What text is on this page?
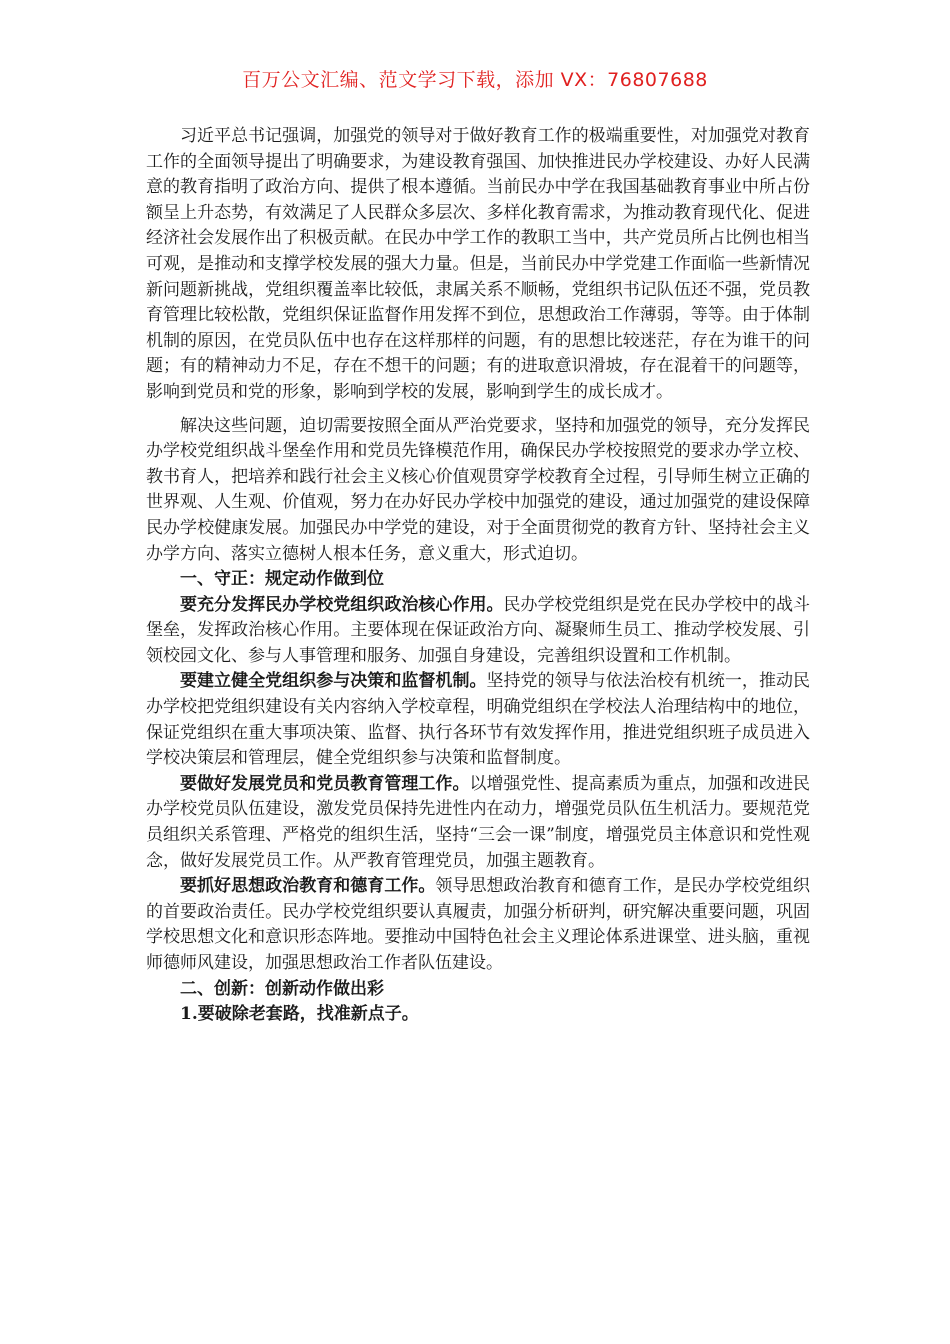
百万公文汇编、范文学习下载，添加 VX：76807688

习近平总书记强调，加强党的领导对于做好教育工作的极端重要性，对加强党对教育工作的全面领导提出了明确要求，为建设教育强国、加快推进民办学校建设、办好人民满意的教育指明了政治方向、提供了根本遵循。当前民办中学在我国基础教育事业中所占份额呈上升态势，有效满足了人民群众多层次、多样化教育需求，为推动教育现代化、促进经济社会发展作出了积极贡献。在民办中学工作的教职工当中，共产党员所占比例也相当可观，是推动和支撑学校发展的强大力量。但是，当前民办中学党建工作面临一些新情况新问题新挑战，党组织覆盖率比较低，隶属关系不顺畅，党组织书记队伍还不强，党员教育管理比较松散，党组织保证监督作用发挥不到位，思想政治工作薄弱，等等。由于体制机制的原因，在党员队伍中也存在这样那样的问题，有的思想比较迷茫，存在为谁干的问题；有的精神动力不足，存在不想干的问题；有的进取意识滑坡，存在混着干的问题等，影响到党员和党的形象，影响到学校的发展，影响到学生的成长成才。

解决这些问题，迫切需要按照全面从严治党要求，坚持和加强党的领导，充分发挥民办学校党组织战斗堡垒作用和党员先锋模范作用，确保民办学校按照党的要求办学立校、教书育人，把培养和践行社会主义核心价值观贯穿学校教育全过程，引导师生树立正确的世界观、人生观、价值观，努力在办好民办学校中加强党的建设，通过加强党的建设保障民办学校健康发展。加强民办中学党的建设，对于全面贯彻党的教育方针、坚持社会主义办学方向、落实立德树人根本任务，意义重大，形式迫切。

一、守正：规定动作做到位

要充分发挥民办学校党组织政治核心作用。民办学校党组织是党在民办学校中的战斗堡垒，发挥政治核心作用。主要体现在保证政治方向、凝聚师生员工、推动学校发展、引领校园文化、参与人事管理和服务、加强自身建设，完善组织设置和工作机制。

要建立健全党组织参与决策和监督机制。坚持党的领导与依法治校有机统一，推动民办学校把党组织建设有关内容纳入学校章程，明确党组织在学校法人治理结构中的地位，保证党组织在重大事项决策、监督、执行各环节有效发挥作用，推进党组织班子成员进入学校决策层和管理层，健全党组织参与决策和监督制度。

要做好发展党员和党员教育管理工作。以增强党性、提高素质为重点，加强和改进民办学校党员队伍建设，激发党员保持先进性内在动力，增强党员队伍生机活力。要规范党员组织关系管理、严格党的组织生活，坚持“三会一课”制度，增强党员主体意识和党性观念，做好发展党员工作。从严教育管理党员，加强主题教育。

要抓好思想政治教育和德育工作。领导思想政治教育和德育工作，是民办学校党组织的首要政治责任。民办学校党组织要认真履责，加强分析研判，研究解决重要问题，巩固学校思想文化和意识形态阵地。要推动中国特色社会主义理论体系进课堂、进头脑，重视师德师风建设，加强思想政治工作者队伍建设。

二、创新：创新动作做出彩

1.要破除老套路，找准新点子。
